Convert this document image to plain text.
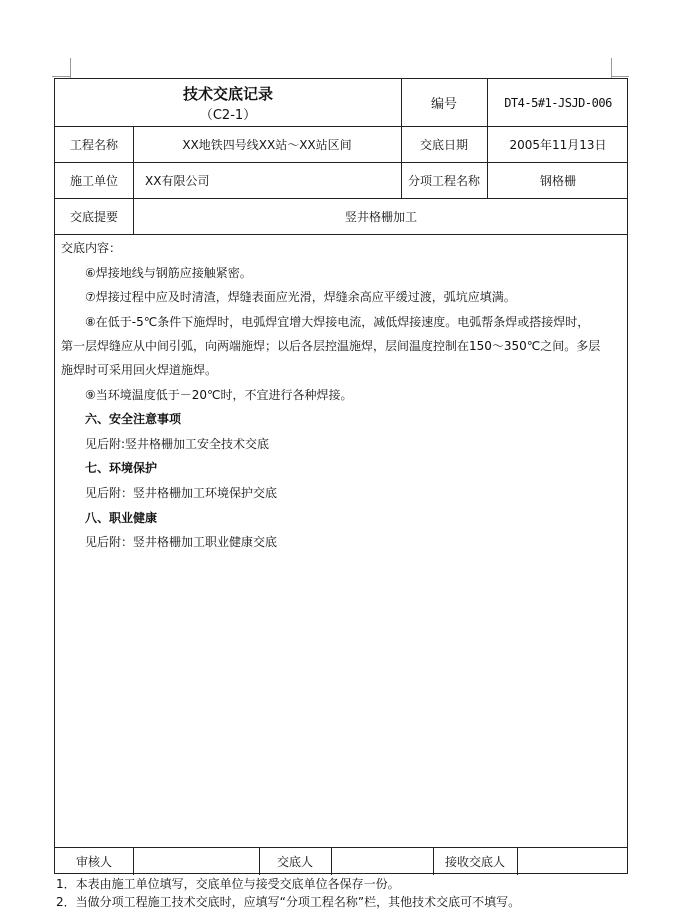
技术交底记录
（C2-1）
编号	DT4-5#1-JSJD-006
工程名称	XX地铁四号线XX站～XX站区间	交底日期	2005年11月13日
施工单位	XX有限公司	分项工程名称	钢格栅
交底提要	竖井格栅加工
交底内容：
⑥焊接地线与钢筋应接触紧密。
⑦焊接过程中应及时清渣，焊缝表面应光滑，焊缝余高应平缓过渡，弧坑应填满。
⑧在低于-5℃条件下施焊时，电弧焊宜增大焊接电流，减低焊接速度。电弧帮条焊或搭接焊时，
第一层焊缝应从中间引弧，向两端施焊；以后各层控温施焊，层间温度控制在150～350℃之间。多层
施焊时可采用回火焊道施焊。
⑨当环境温度低于－20℃时，不宜进行各种焊接。
六、安全注意事项
见后附:竖井格栅加工安全技术交底
七、环境保护
见后附：竖井格栅加工环境保护交底
八、职业健康
见后附：竖井格栅加工职业健康交底
审核人	交底人	接收交底人
1．本表由施工单位填写，交底单位与接受交底单位各保存一份。
2．当做分项工程施工技术交底时，应填写“分项工程名称”栏，其他技术交底可不填写。
